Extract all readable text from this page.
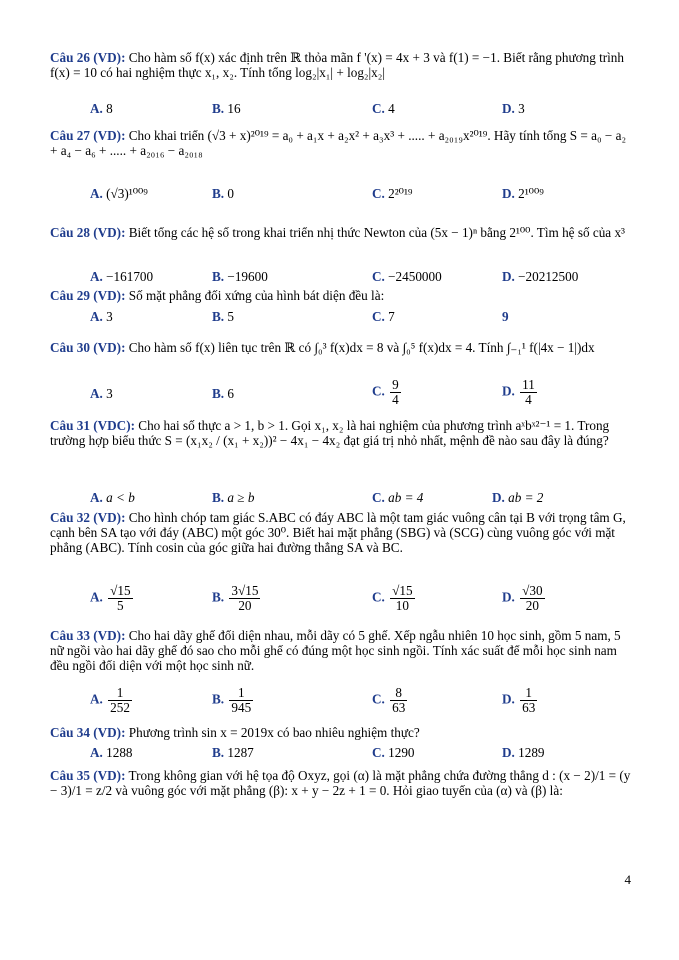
Câu 26 (VD): Cho hàm số f(x) xác định trên ℝ thỏa mãn f '(x) = 4x + 3 và f(1) = −1. Biết rằng phương trình f(x) = 10 có hai nghiệm thực x₁, x₂. Tính tổng log₂|x₁| + log₂|x₂|
A. 8	B. 16	C. 4	D. 3
Câu 27 (VD): Cho khai triển (√3 + x)²⁰¹⁹ = a₀ + a₁x + a₂x² + a₃x³ + ..... + a₂₀₁₉x²⁰¹⁹. Hãy tính tổng S = a₀ − a₂ + a₄ − a₆ + ..... + a₂₀₁₆ − a₂₀₁₈
A. (√3)¹⁰⁰⁹	B. 0	C. 2²⁰¹⁹	D. 2¹⁰⁰⁹
Câu 28 (VD): Biết tổng các hệ số trong khai triển nhị thức Newton của (5x − 1)ⁿ bằng 2¹⁰⁰. Tìm hệ số của x³
A. −161700	B. −19600	C. −2450000	D. −20212500
Câu 29 (VD): Số mặt phẳng đối xứng của hình bát diện đều là:
A. 3	B. 5	C. 7	9
Câu 30 (VD): Cho hàm số f(x) liên tục trên ℝ có ∫₀³ f(x)dx = 8 và ∫₀⁵ f(x)dx = 4. Tính ∫₋₁¹ f(|4x − 1|)dx
A. 3	B. 6	C. $\frac{9}{4}$	D. $\frac{11}{4}$
Câu 31 (VDC): Cho hai số thực a > 1, b > 1. Gọi x₁, x₂ là hai nghiệm của phương trình aˣbˣ²⁻¹ = 1. Trong trường hợp biểu thức S = (x₁x₂ / (x₁ + x₂))² − 4x₁ − 4x₂ đạt giá trị nhỏ nhất, mệnh đề nào sau đây là đúng?
A. a < b	B. a ≥ b	C. ab = 4	D. ab = 2
Câu 32 (VD): Cho hình chóp tam giác S.ABC có đáy ABC là một tam giác vuông cân tại B với trọng tâm G, cạnh bên SA tạo với đáy (ABC) một góc 30⁰. Biết hai mặt phẳng (SBG) và (SCG) cùng vuông góc với mặt phẳng (ABC). Tính cosin của góc giữa hai đường thẳng SA và BC.
A. $\frac{√15}{5}$	B. $\frac{3√15}{20}$	C. $\frac{√15}{10}$	D. $\frac{√30}{20}$
Câu 33 (VD): Cho hai dãy ghế đối diện nhau, mỗi dãy có 5 ghế. Xếp ngẫu nhiên 10 học sinh, gồm 5 nam, 5 nữ ngồi vào hai dãy ghế đó sao cho mỗi ghế có đúng một học sinh ngồi. Tính xác suất để mỗi học sinh nam đều ngồi đối diện với một học sinh nữ.
A. $\frac{1}{252}$	B. $\frac{1}{945}$	C. $\frac{8}{63}$	D. $\frac{1}{63}$
Câu 34 (VD): Phương trình sin x = 2019x có bao nhiêu nghiệm thực?
A. 1288	B. 1287	C. 1290	D. 1289
Câu 35 (VD): Trong không gian với hệ tọa độ Oxyz, gọi (α) là mặt phẳng chứa đường thẳng d : (x − 2)/1 = (y − 3)/1 = z/2 và vuông góc với mặt phẳng (β): x + y − 2z + 1 = 0. Hỏi giao tuyến của (α) và (β) là:
4
